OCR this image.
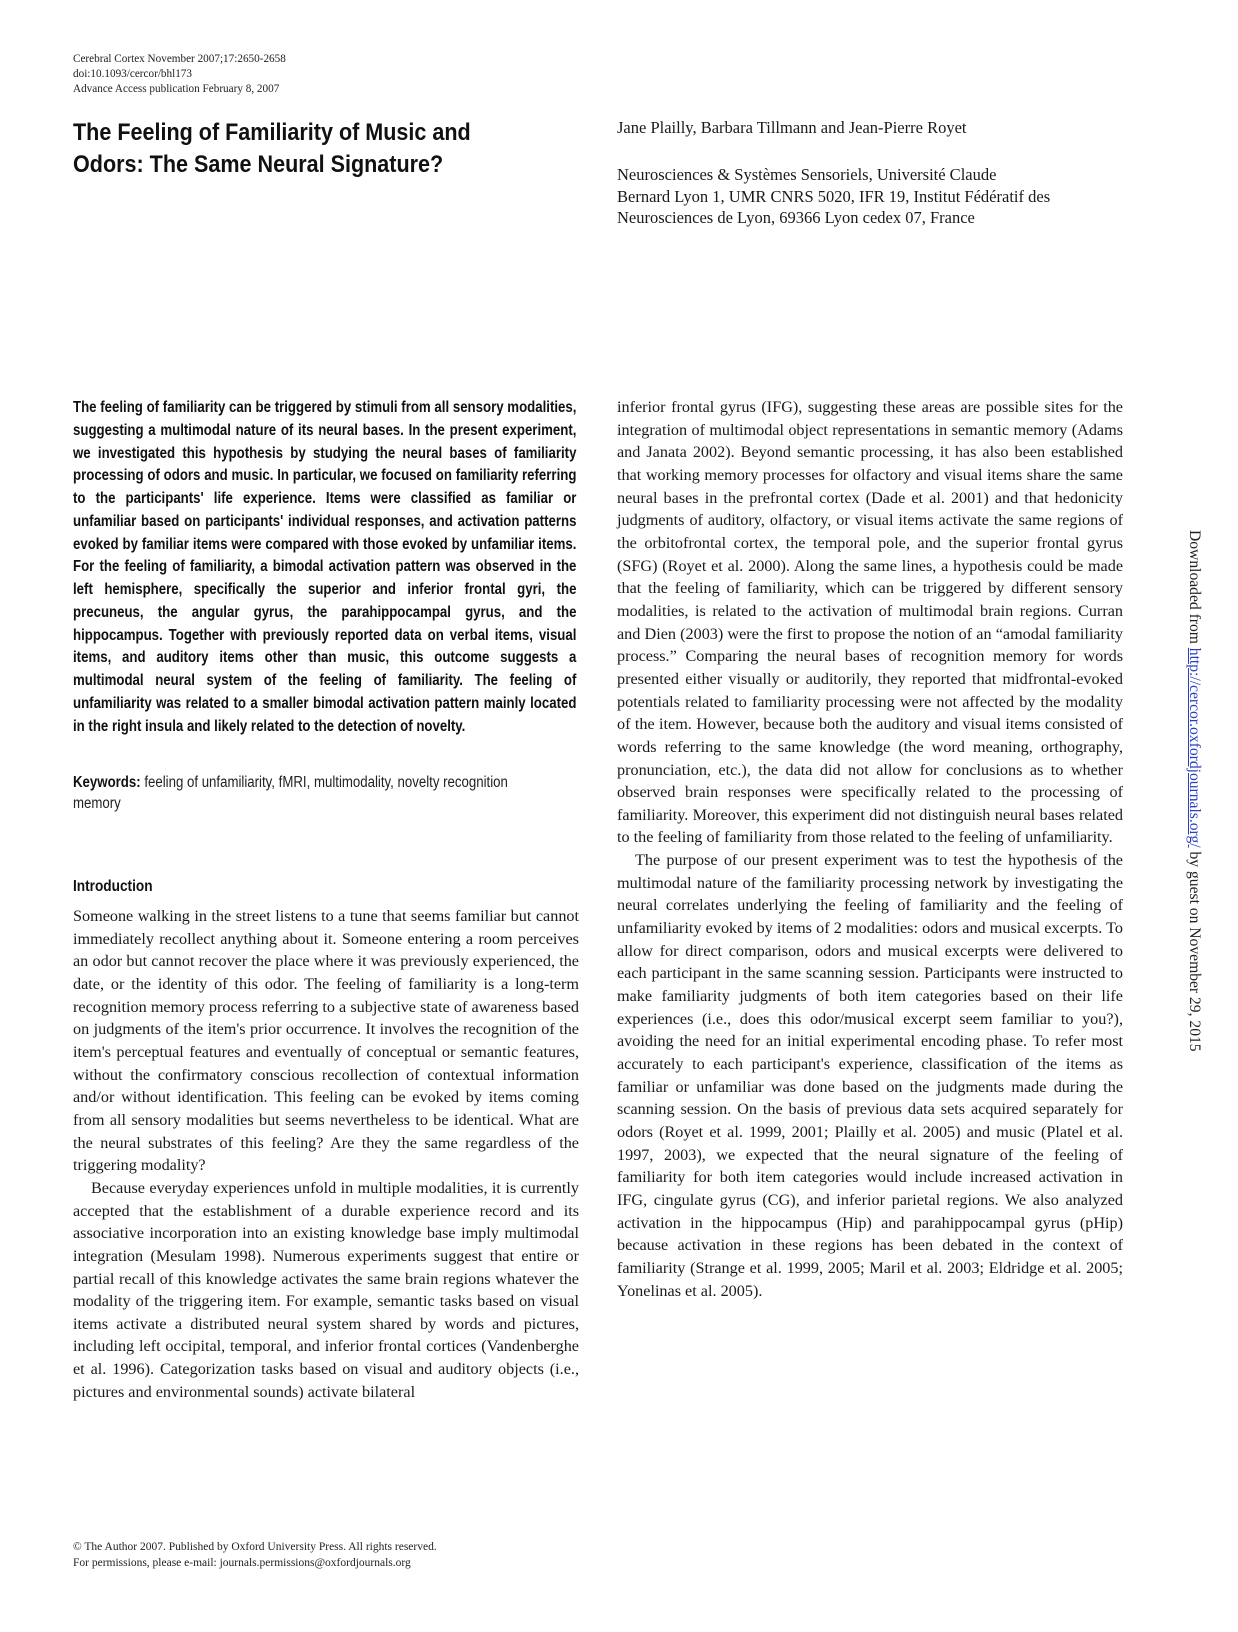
Cerebral Cortex November 2007;17:2650-2658
doi:10.1093/cercor/bhl173
Advance Access publication February 8, 2007
The Feeling of Familiarity of Music and Odors: The Same Neural Signature?
Jane Plailly, Barbara Tillmann and Jean-Pierre Royet
Neurosciences & Systèmes Sensoriels, Université Claude
Bernard Lyon 1, UMR CNRS 5020, IFR 19, Institut Fédératif des
Neurosciences de Lyon, 69366 Lyon cedex 07, France

The feeling of familiarity can be triggered by stimuli from all sensory modalities, suggesting a multimodal nature of its neural bases. In the present experiment, we investigated this hypothesis by studying the neural bases of familiarity processing of odors and music. In particular, we focused on familiarity referring to the participants' life experience. Items were classified as familiar or unfamiliar based on participants' individual responses, and activation patterns evoked by familiar items were compared with those evoked by unfamiliar items. For the feeling of familiarity, a bimodal activation pattern was observed in the left hemisphere, specifically the superior and inferior frontal gyri, the precuneus, the angular gyrus, the parahippocampal gyrus, and the hippocampus. Together with previously reported data on verbal items, visual items, and auditory items other than music, this outcome suggests a multimodal neural system of the feeling of familiarity. The feeling of unfamiliarity was related to a smaller bimodal activation pattern mainly located in the right insula and likely related to the detection of novelty.

Keywords: feeling of unfamiliarity, fMRI, multimodality, novelty recognition memory
Introduction

Someone walking in the street listens to a tune that seems familiar but cannot immediately recollect anything about it. Someone entering a room perceives an odor but cannot recover the place where it was previously experienced, the date, or the identity of this odor. The feeling of familiarity is a long-term recognition memory process referring to a subjective state of awareness based on judgments of the item's prior occurrence. It involves the recognition of the item's perceptual features and eventually of conceptual or semantic features, without the confirmatory conscious recollection of contextual information and/or without identification. This feeling can be evoked by items coming from all sensory modalities but seems nevertheless to be identical. What are the neural substrates of this feeling? Are they the same regardless of the triggering modality?

Because everyday experiences unfold in multiple modalities, it is currently accepted that the establishment of a durable experience record and its associative incorporation into an existing knowledge base imply multimodal integration (Mesulam 1998). Numerous experiments suggest that entire or partial recall of this knowledge activates the same brain regions whatever the modality of the triggering item. For example, semantic tasks based on visual items activate a distributed neural system shared by words and pictures, including left occipital, temporal, and inferior frontal cortices (Vandenberghe et al. 1996). Categorization tasks based on visual and auditory objects (i.e., pictures and environmental sounds) activate bilateral

inferior frontal gyrus (IFG), suggesting these areas are possible sites for the integration of multimodal object representations in semantic memory (Adams and Janata 2002). Beyond semantic processing, it has also been established that working memory processes for olfactory and visual items share the same neural bases in the prefrontal cortex (Dade et al. 2001) and that hedonicity judgments of auditory, olfactory, or visual items activate the same regions of the orbitofrontal cortex, the temporal pole, and the superior frontal gyrus (SFG) (Royet et al. 2000). Along the same lines, a hypothesis could be made that the feeling of familiarity, which can be triggered by different sensory modalities, is related to the activation of multimodal brain regions. Curran and Dien (2003) were the first to propose the notion of an “amodal familiarity process.” Comparing the neural bases of recognition memory for words presented either visually or auditorily, they reported that midfrontal-evoked potentials related to familiarity processing were not affected by the modality of the item. However, because both the auditory and visual items consisted of words referring to the same knowledge (the word meaning, orthography, pronunciation, etc.), the data did not allow for conclusions as to whether observed brain responses were specifically related to the processing of familiarity. Moreover, this experiment did not distinguish neural bases related to the feeling of familiarity from those related to the feeling of unfamiliarity.

The purpose of our present experiment was to test the hypothesis of the multimodal nature of the familiarity processing network by investigating the neural correlates underlying the feeling of familiarity and the feeling of unfamiliarity evoked by items of 2 modalities: odors and musical excerpts. To allow for direct comparison, odors and musical excerpts were delivered to each participant in the same scanning session. Participants were instructed to make familiarity judgments of both item categories based on their life experiences (i.e., does this odor/musical excerpt seem familiar to you?), avoiding the need for an initial experimental encoding phase. To refer most accurately to each participant's experience, classification of the items as familiar or unfamiliar was done based on the judgments made during the scanning session. On the basis of previous data sets acquired separately for odors (Royet et al. 1999, 2001; Plailly et al. 2005) and music (Platel et al. 1997, 2003), we expected that the neural signature of the feeling of familiarity for both item categories would include increased activation in IFG, cingulate gyrus (CG), and inferior parietal regions. We also analyzed activation in the hippocampus (Hip) and parahippocampal gyrus (pHip) because activation in these regions has been debated in the context of familiarity (Strange et al. 1999, 2005; Maril et al. 2003; Eldridge et al. 2005; Yonelinas et al. 2005).

Downloaded from http://cercor.oxfordjournals.org/ by guest on November 29, 2015
© The Author 2007. Published by Oxford University Press. All rights reserved.
For permissions, please e-mail: journals.permissions@oxfordjournals.org
